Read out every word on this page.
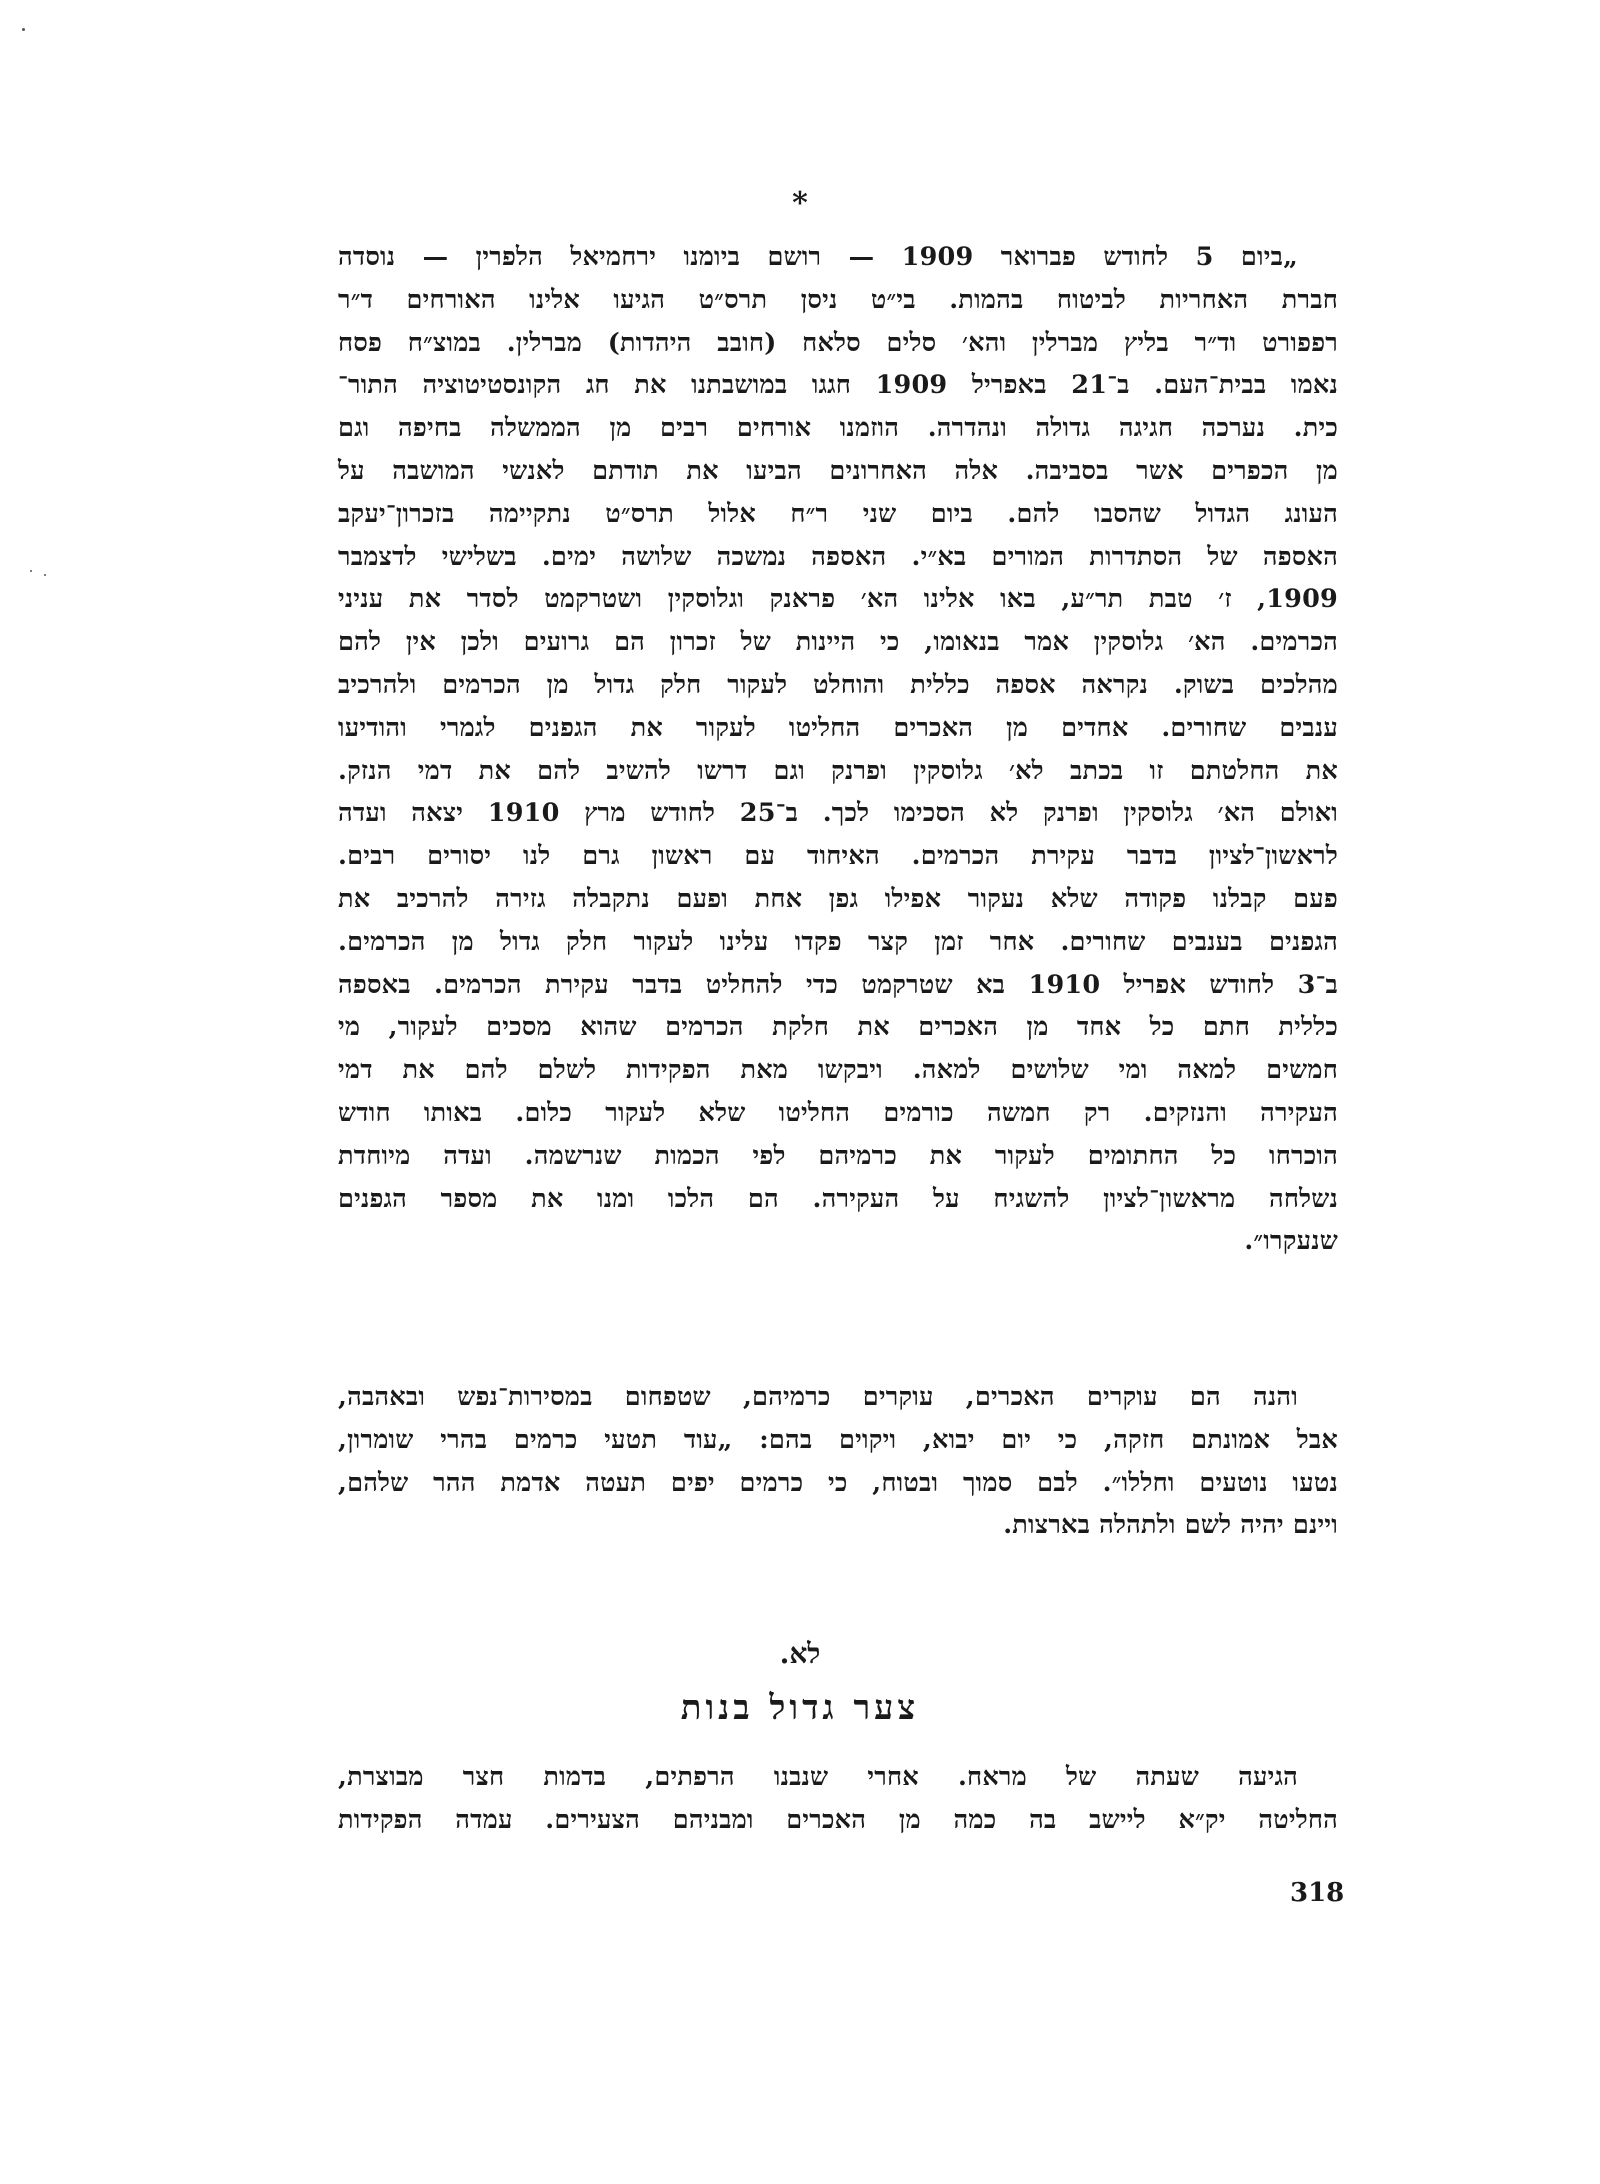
*
„ביום 5 לחודש פברואר 1909 — רושם ביומנו ירחמיאל הלפרין — נוסדה
חברת האחריות לביטוח בהמות. בי״ט ניסן תרס״ט הגיעו אלינו האורחים ד״ר
רפפורט וד״ר בליץ מברלין והא׳ סלים סלאח (חובב היהדות) מברלין. במוצ״ח פסח
נאמו בבית־העם. ב־21 באפריל 1909 חגגו במושבתנו את חג הקונסטיטוציה התור־
כית. נערכה חגיגה גדולה ונהדרה. הוזמנו אורחים רבים מן הממשלה בחיפה וגם
מן הכפרים אשר בסביבה. אלה האחרונים הביעו את תודתם לאנשי המושבה על
העונג הגדול שהסבו להם. ביום שני ר״ח אלול תרס״ט נתקיימה בזכרון־יעקב
האספה של הסתדרות המורים בא״י. האספה נמשכה שלושה ימים. בשלישי לדצמבר
1909, ז׳ טבת תר״ע, באו אלינו הא׳ פראנק וגלוסקין ושטרקמט לסדר את עניני
הכרמים. הא׳ גלוסקין אמר בנאומו, כי היינות של זכרון הם גרועים ולכן אין להם
מהלכים בשוק. נקראה אספה כללית והוחלט לעקור חלק גדול מן הכרמים ולהרכיב
ענבים שחורים. אחדים מן האכרים החליטו לעקור את הגפנים לגמרי והודיעו
את החלטתם זו בכתב לא׳ גלוסקין ופרנק וגם דרשו להשיב להם את דמי הנזק.
ואולם הא׳ גלוסקין ופרנק לא הסכימו לכך. ב־25 לחודש מרץ 1910 יצאה ועדה
לראשון־לציון בדבר עקירת הכרמים. האיחוד עם ראשון גרם לנו יסורים רבים.
פעם קבלנו פקודה שלא נעקור אפילו גפן אחת ופעם נתקבלה גזירה להרכיב את
הגפנים בענבים שחורים. אחר זמן קצר פקדו עלינו לעקור חלק גדול מן הכרמים.
ב־3 לחודש אפריל 1910 בא שטרקמט כדי להחליט בדבר עקירת הכרמים. באספה
כללית חתם כל אחד מן האכרים את חלקת הכרמים שהוא מסכים לעקור, מי
חמשים למאה ומי שלושים למאה. ויבקשו מאת הפקידות לשלם להם את דמי
העקירה והנזקים. רק חמשה כורמים החליטו שלא לעקור כלום. באותו חודש
הוכרחו כל החתומים לעקור את כרמיהם לפי הכמות שנרשמה. ועדה מיוחדת
נשלחה מראשון־לציון להשגיח על העקירה. הם הלכו ומנו את מספר הגפנים
שנעקרו״.
והנה הם עוקרים האכרים, עוקרים כרמיהם, שטפחום במסירות־נפש ובאהבה,
אבל אמונתם חזקה, כי יום יבוא, ויקוים בהם: „עוד תטעי כרמים בהרי שומרון,
נטעו נוטעים וחללו״. לבם סמוך ובטוח, כי כרמים יפים תעטה אדמת ההר שלהם,
ויינם יהיה לשם ולתהלה בארצות.
לא.
צער גדול בנות
הגיעה שעתה של מראח. אחרי שנבנו הרפתים, בדמות חצר מבוצרת,
החליטה יק״א ליישב בה כמה מן האכרים ומבניהם הצעירים. עמדה הפקידות
318
